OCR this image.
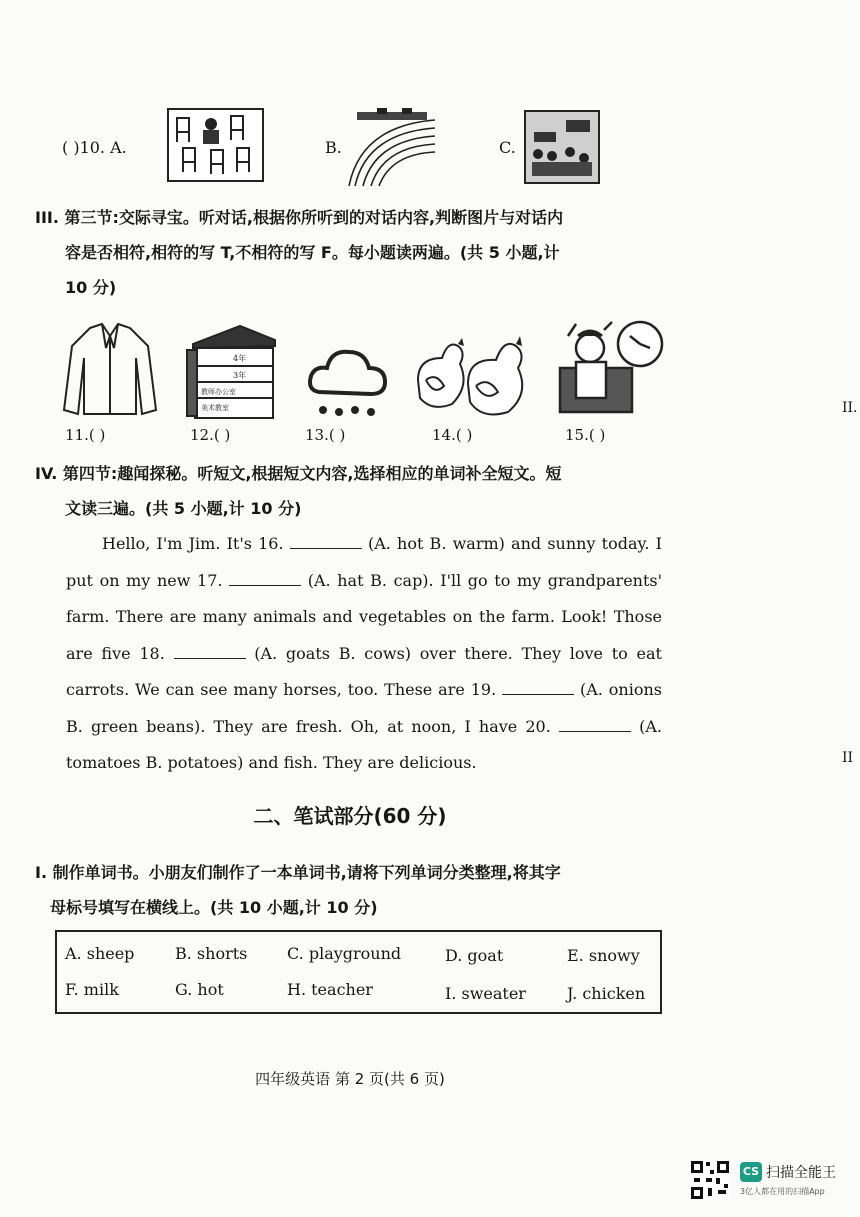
( )10. A.	B.	C.
III. 第三节:交际寻宝。听对话,根据你所听到的对话内容,判断图片与对话内
容是否相符,相符的写 T,不相符的写 F。每小题读两遍。(共 5 小题,计
10 分)
4年
3年
教师办公室
美术教室
11.( )	12.( )	13.( )	14.( )	15.( )
IV. 第四节:趣闻探秘。听短文,根据短文内容,选择相应的单词补全短文。短
文读三遍。(共 5 小题,计 10 分)

Hello, I'm Jim. It's 16.	(A. hot B. warm) and sunny today. I put on my new 17.	(A. hat B. cap). I'll go to my grandparents' farm. There are many animals and vegetables on the farm. Look! Those are five 18.	(A. goats B. cows) over there. They love to eat carrots. We can see many horses, too. These are 19.	(A. onions B. green beans). They are fresh. Oh, at noon, I have 20.	(A. tomatoes B. potatoes) and fish. They are delicious.

二、笔试部分(60 分)
I. 制作单词书。小朋友们制作了一本单词书,请将下列单词分类整理,将其字
母标号填写在横线上。(共 10 小题,计 10 分)
A. sheep	B. shorts C. playground	D. goat	E. snowy
F. milk	G. hot	H. teacher	I. sweater	J. chicken
四年级英语 第 2 页(共 6 页)
II.
II
CS 扫描全能王
3亿人都在用的扫描App
